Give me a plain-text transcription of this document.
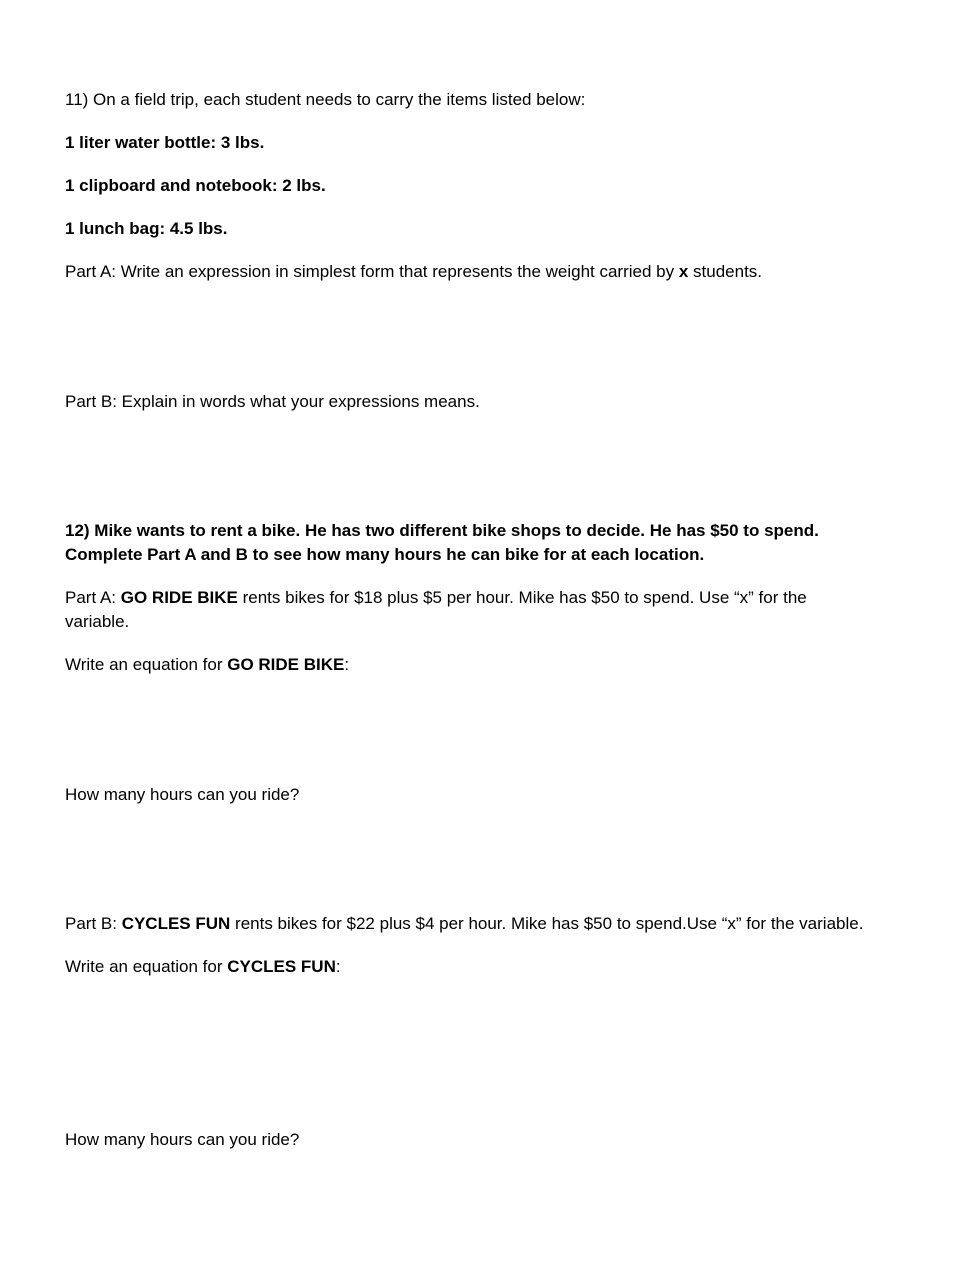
11) On a field trip, each student needs to carry the items listed below:
1 liter water bottle: 3 lbs.
1 clipboard and notebook: 2 lbs.
1 lunch bag: 4.5 lbs.
Part A: Write an expression in simplest form that represents the weight carried by x students.
Part B: Explain in words what your expressions means.
12) Mike wants to rent a bike. He has two different bike shops to decide. He has $50 to spend.
Complete Part A and B to see how many hours he can bike for at each location.
Part A: GO RIDE BIKE rents bikes for $18 plus $5 per hour. Mike has $50 to spend. Use “x” for the
variable.
Write an equation for GO RIDE BIKE:
How many hours can you ride?
Part B: CYCLES FUN rents bikes for $22 plus $4 per hour. Mike has $50 to spend.Use “x” for the variable.
Write an equation for CYCLES FUN:
How many hours can you ride?
